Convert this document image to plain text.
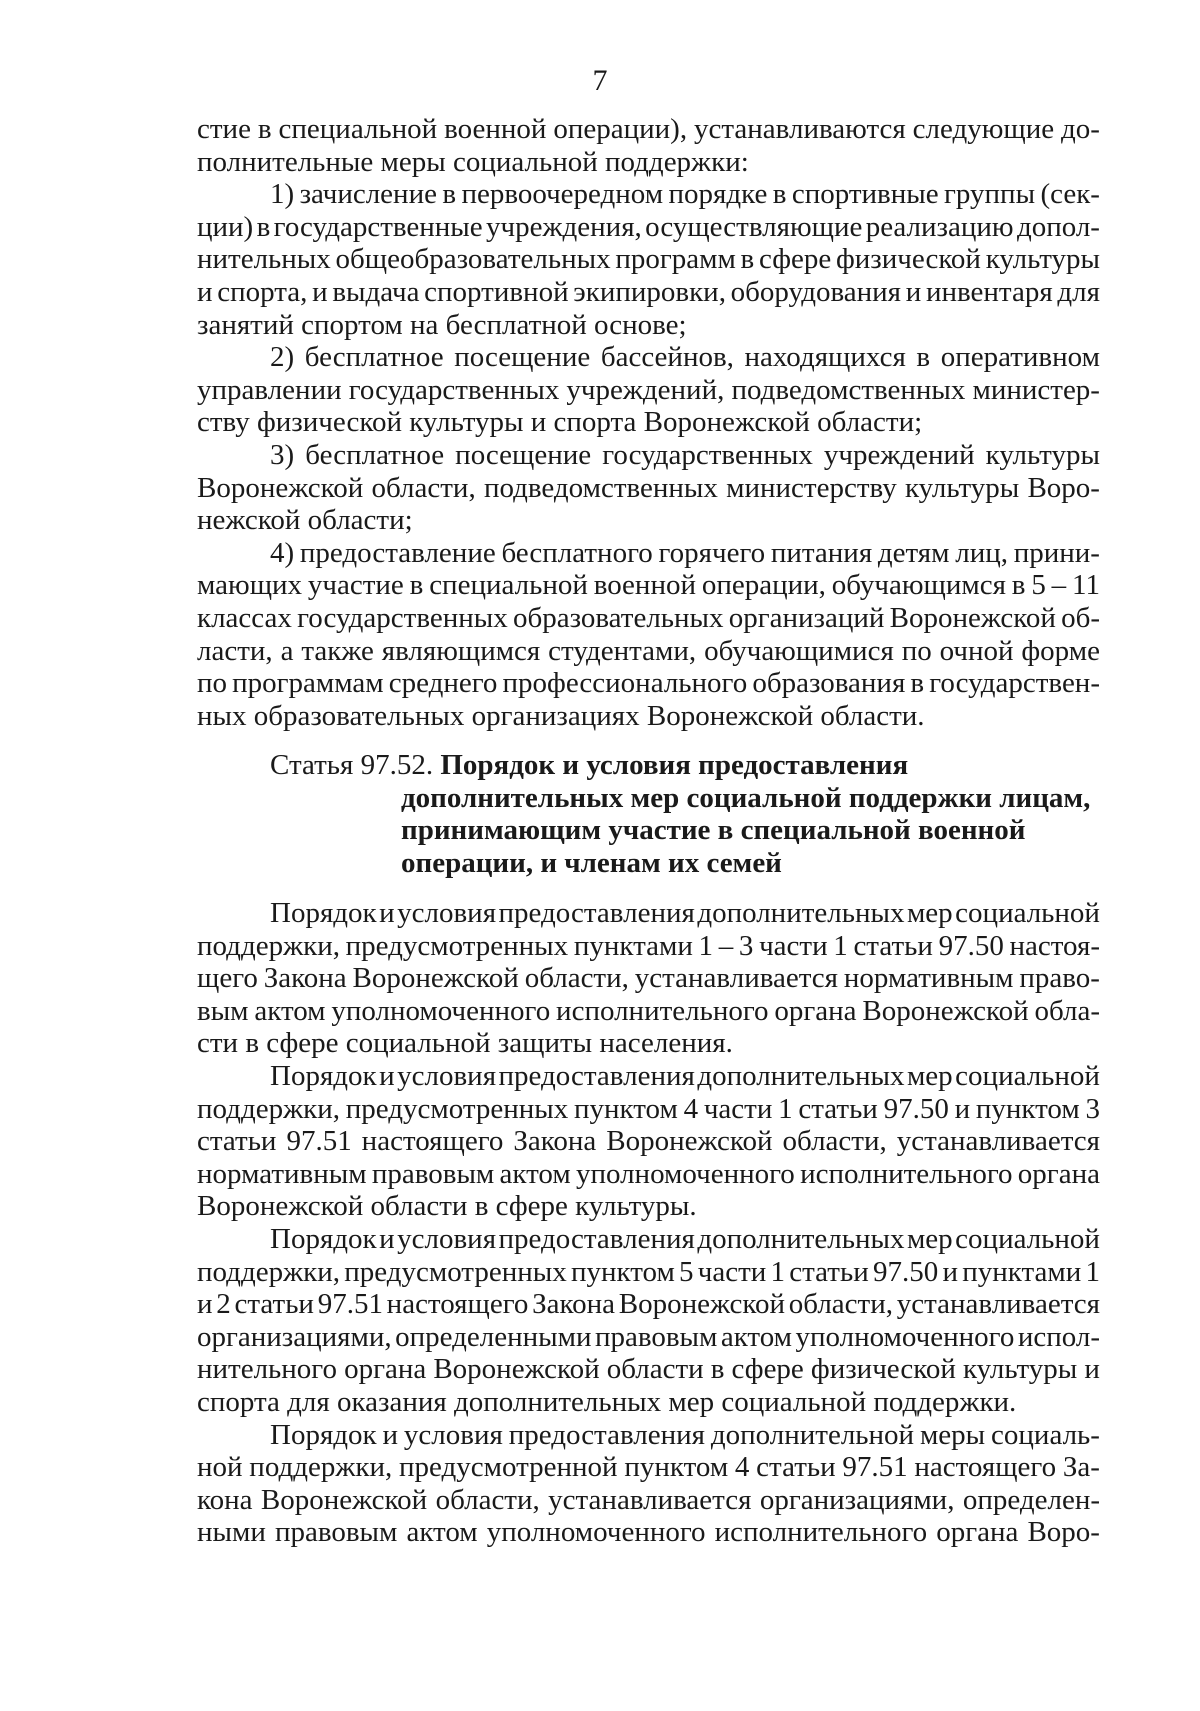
7
стие в специальной военной операции), устанавливаются следующие до-
полнительные меры социальной поддержки:
1) зачисление в первоочередном порядке в спортивные группы (сек-
ции) в государственные учреждения, осуществляющие реализацию допол-
нительных общеобразовательных программ в сфере физической культуры
и спорта, и выдача спортивной экипировки, оборудования и инвентаря для
занятий спортом на бесплатной основе;
2) бесплатное посещение бассейнов, находящихся в оперативном
управлении государственных учреждений, подведомственных министер-
ству физической культуры и спорта Воронежской области;
3) бесплатное посещение государственных учреждений культуры
Воронежской области, подведомственных министерству культуры Воро-
нежской области;
4) предоставление бесплатного горячего питания детям лиц, прини-
мающих участие в специальной военной операции, обучающимся в 5 – 11
классах государственных образовательных организаций Воронежской об-
ласти, а также являющимся студентами, обучающимися по очной форме
по программам среднего профессионального образования в государствен-
ных образовательных организациях Воронежской области.
Статья 97.52. Порядок и условия предоставления
дополнительных мер социальной поддержки лицам,
принимающим участие в специальной военной
операции, и членам их семей
Порядок и условия предоставления дополнительных мер социальной
поддержки, предусмотренных пунктами 1 – 3 части 1 статьи 97.50 настоя-
щего Закона Воронежской области, устанавливается нормативным право-
вым актом уполномоченного исполнительного органа Воронежской обла-
сти в сфере социальной защиты населения.
Порядок и условия предоставления дополнительных мер социальной
поддержки, предусмотренных пунктом 4 части 1 статьи 97.50 и пунктом 3
статьи 97.51 настоящего Закона Воронежской области, устанавливается
нормативным правовым актом уполномоченного исполнительного органа
Воронежской области в сфере культуры.
Порядок и условия предоставления дополнительных мер социальной
поддержки, предусмотренных пунктом 5 части 1 статьи 97.50 и пунктами 1
и 2 статьи 97.51 настоящего Закона Воронежской области, устанавливается
организациями, определенными правовым актом уполномоченного испол-
нительного органа Воронежской области в сфере физической культуры и
спорта для оказания дополнительных мер социальной поддержки.
Порядок и условия предоставления дополнительной меры социаль-
ной поддержки, предусмотренной пунктом 4 статьи 97.51 настоящего За-
кона Воронежской области, устанавливается организациями, определен-
ными правовым актом уполномоченного исполнительного органа Воро-
